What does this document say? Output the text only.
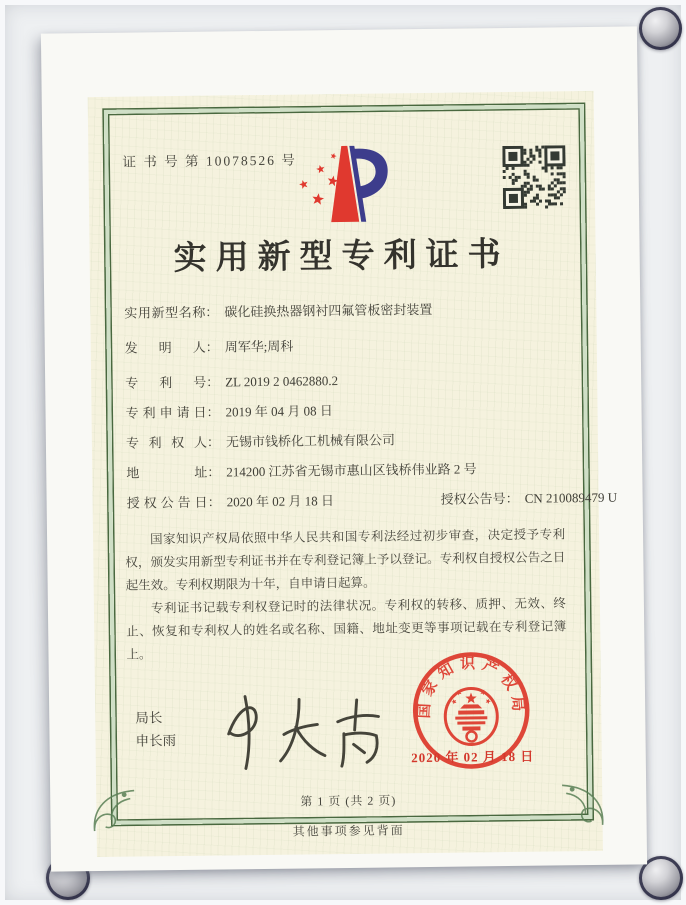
证 书 号 第 10078526 号
实用新型专利证书
实用新型名称： 碳化硅换热器钢衬四氟管板密封装置
发明人： 周军华;周科
专利号： ZL 2019 2 0462880.2
专利申请日： 2019 年 04 月 08 日
专利权人： 无锡市钱桥化工机械有限公司
地址： 214200 江苏省无锡市惠山区钱桥伟业路 2 号
授权公告日： 2020 年 02 月 18 日	授权公告号： CN 210089479 U

国家知识产权局依照中华人民共和国专利法经过初步审查，决定授予专利权，颁发实用新型专利证书并在专利登记簿上予以登记。专利权自授权公告之日起生效。专利权期限为十年，自申请日起算。

专利证书记载专利权登记时的法律状况。专利权的转移、质押、无效、终止、恢复和专利权人的姓名或名称、国籍、地址变更等事项记载在专利登记簿上。

局长
申长雨
国家知识产权局
2020 年 02 月 18 日
第 1 页 (共 2 页)
其他事项参见背面
